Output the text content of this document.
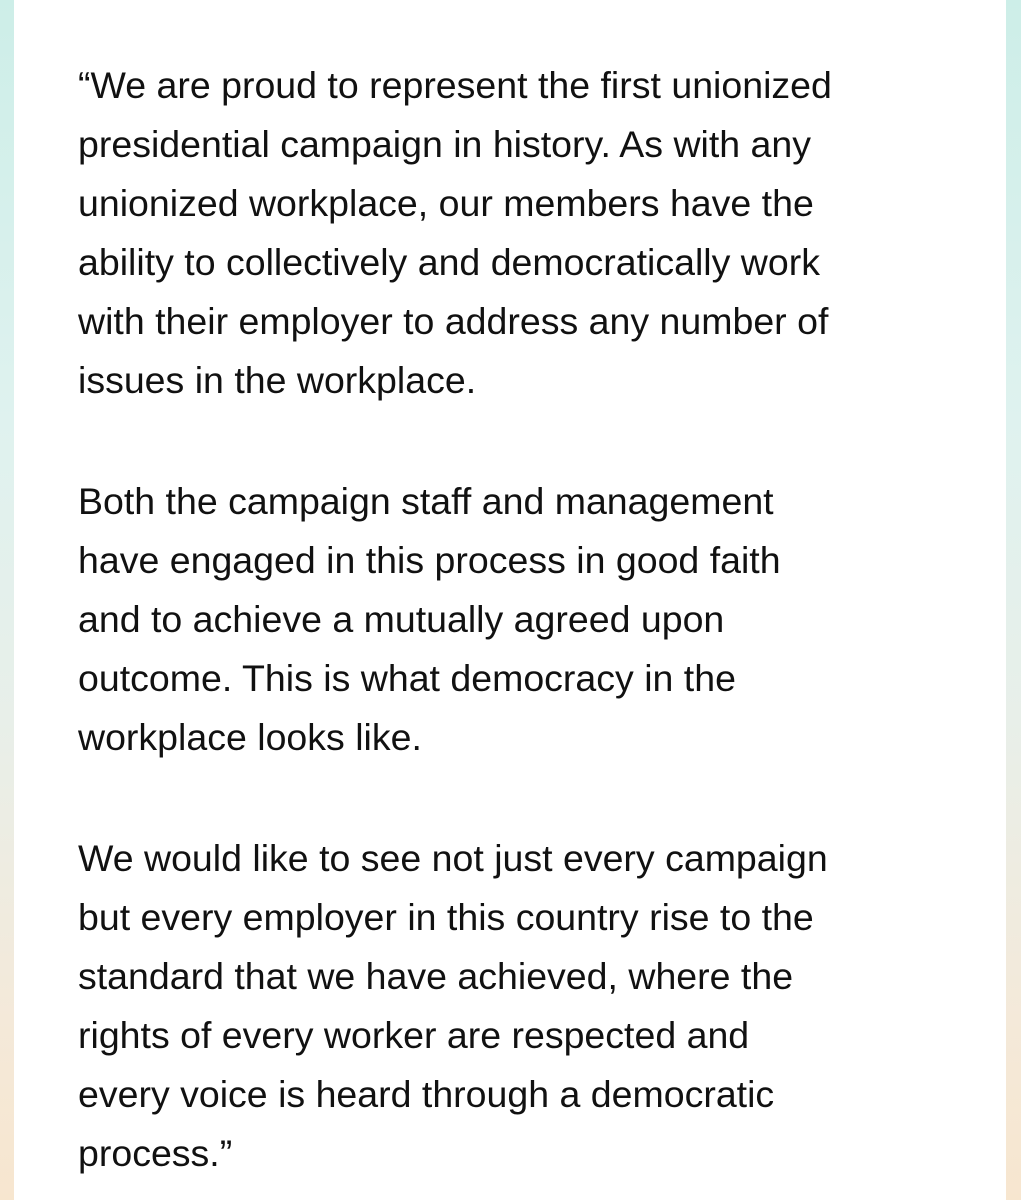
“We are proud to represent the first unionized
presidential campaign in history. As with any
unionized workplace, our members have the
ability to collectively and democratically work
with their employer to address any number of
issues in the workplace.

Both the campaign staff and management
have engaged in this process in good faith
and to achieve a mutually agreed upon
outcome. This is what democracy in the
workplace looks like.

We would like to see not just every campaign
but every employer in this country rise to the
standard that we have achieved, where the
rights of every worker are respected and
every voice is heard through a democratic
process.”
